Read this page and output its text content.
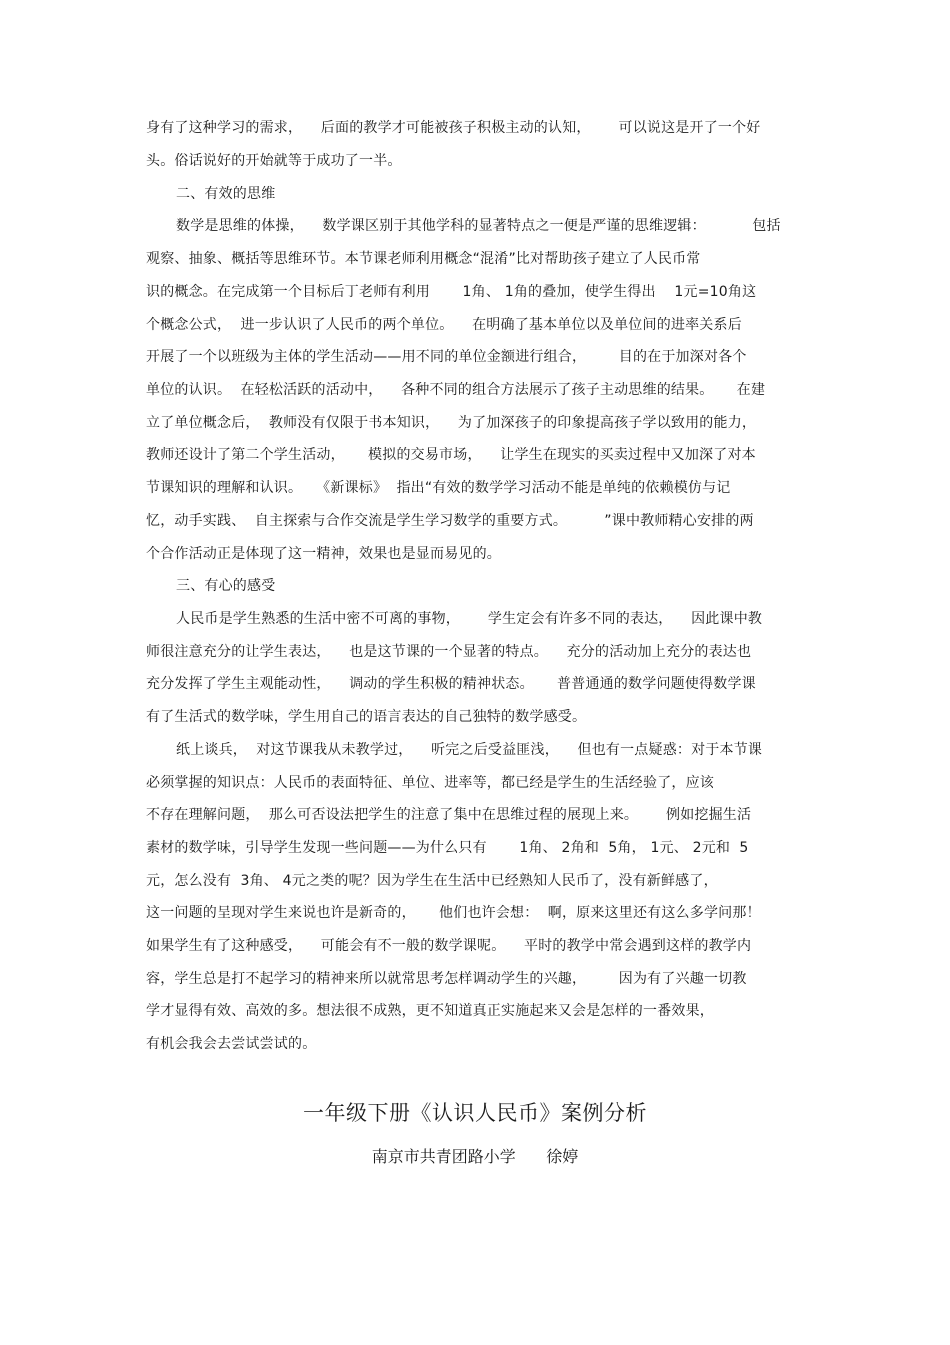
身有了这种学习的需求，    后面的教学才可能被孩子积极主动的认知，      可以说这是开了一个好
头。俗话说好的开始就等于成功了一半。
二、有效的思维
数学是思维的体操，    数学课区别于其他学科的显著特点之一便是严谨的思维逻辑：          包括
观察、抽象、概括等思维环节。本节课老师利用概念“混淆”比对帮助孩子建立了人民币常
识的概念。在完成第一个目标后丁老师有利用       1角、 1角的叠加，使学生得出    1元=10角这
个概念公式，  进一步认识了人民币的两个单位。    在明确了基本单位以及单位间的进率关系后
开展了一个以班级为主体的学生活动——用不同的单位金额进行组合，       目的在于加深对各个
单位的认识。  在轻松活跃的活动中，    各种不同的组合方法展示了孩子主动思维的结果。     在建
立了单位概念后，  教师没有仅限于书本知识，    为了加深孩子的印象提高孩子学以致用的能力，
教师还设计了第二个学生活动，     模拟的交易市场，    让学生在现实的买卖过程中又加深了对本
节课知识的理解和认识。   《新课标》  指出“有效的数学学习活动不能是单纯的依赖模仿与记
忆，动手实践、  自主探索与合作交流是学生学习数学的重要方式。        ”课中教师精心安排的两
个合作活动正是体现了这一精神，效果也是显而易见的。
三、有心的感受
人民币是学生熟悉的生活中密不可离的事物，      学生定会有许多不同的表达，    因此课中教
师很注意充分的让学生表达，    也是这节课的一个显著的特点。    充分的活动加上充分的表达也
充分发挥了学生主观能动性，    调动的学生积极的精神状态。     普普通通的数学问题使得数学课
有了生活式的数学味，学生用自己的语言表达的自己独特的数学感受。
纸上谈兵，  对这节课我从未教学过，    听完之后受益匪浅，    但也有一点疑惑：对于本节课
必须掌握的知识点：人民币的表面特征、单位、进率等，都已经是学生的生活经验了，应该
不存在理解问题，  那么可否设法把学生的注意了集中在思维过程的展现上来。      例如挖掘生活
素材的数学味，引导学生发现一些问题——为什么只有       1角、 2角和  5角， 1元、 2元和  5
元，怎么没有  3角、 4元之类的呢？因为学生在生活中已经熟知人民币了，没有新鲜感了，
这一问题的呈现对学生来说也许是新奇的，     他们也许会想：  啊，原来这里还有这么多学问那！
如果学生有了这种感受，    可能会有不一般的数学课呢。    平时的教学中常会遇到这样的教学内
容，学生总是打不起学习的精神来所以就常思考怎样调动学生的兴趣，       因为有了兴趣一切教
学才显得有效、高效的多。想法很不成熟，更不知道真正实施起来又会是怎样的一番效果，
有机会我会去尝试尝试的。
一年级下册《认识人民币》案例分析
南京市共青团路小学      徐婷
